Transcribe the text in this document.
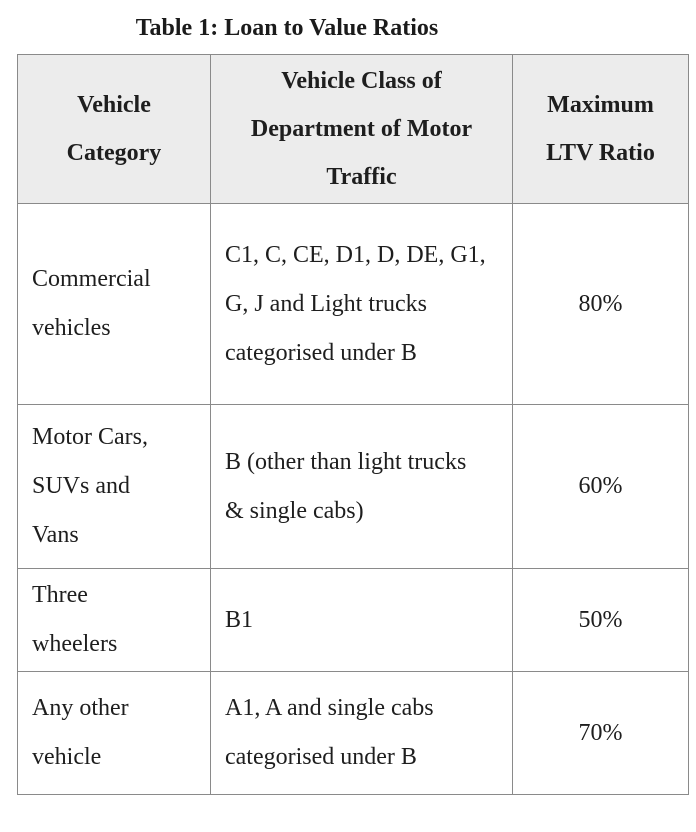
Table 1: Loan to Value Ratios
Vehicle Category	Vehicle Class of Department of Motor Traffic	Maximum LTV Ratio

Commercial vehicles	C1, C, CE, D1, D, DE, G1, G, J and Light trucks categorised under B	80%

Motor Cars, SUVs and Vans	B (other than light trucks & single cabs)	60%

Three wheelers	B1	50%

Any other vehicle	A1, A and single cabs categorised under B	70%
